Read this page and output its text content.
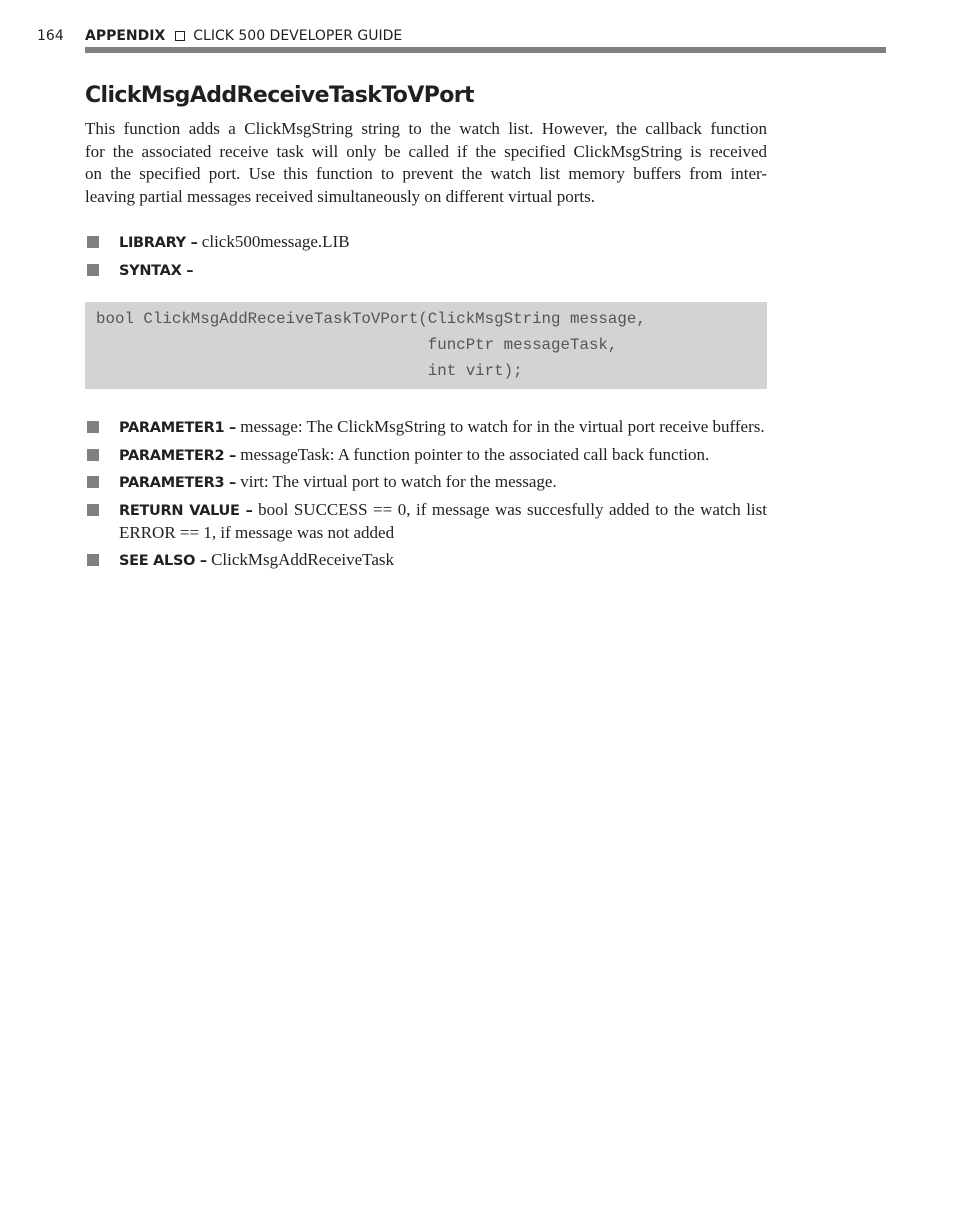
164 APPENDIX CLICK 500 DEVELOPER GUIDE
ClickMsgAddReceiveTaskToVPort

This function adds a ClickMsgString string to the watch list. However, the callback function
for the associated receive task will only be called if the specified ClickMsgString is received
on the specified port. Use this function to prevent the watch list memory buffers from inter-
leaving partial messages received simultaneously on different virtual ports.

LIBRARY – click500message.LIB
SYNTAX –
bool ClickMsgAddReceiveTaskToVPort(ClickMsgString message,
funcPtr messageTask,
int virt);
PARAMETER1 – message: The ClickMsgString to watch for in the virtual port receive buffers.
PARAMETER2 – messageTask: A function pointer to the associated call back function.
PARAMETER3 – virt: The virtual port to watch for the message.
RETURN VALUE – bool SUCCESS == 0, if message was succesfully added to the watch list ERROR == 1, if message was not added
SEE ALSO – ClickMsgAddReceiveTask
